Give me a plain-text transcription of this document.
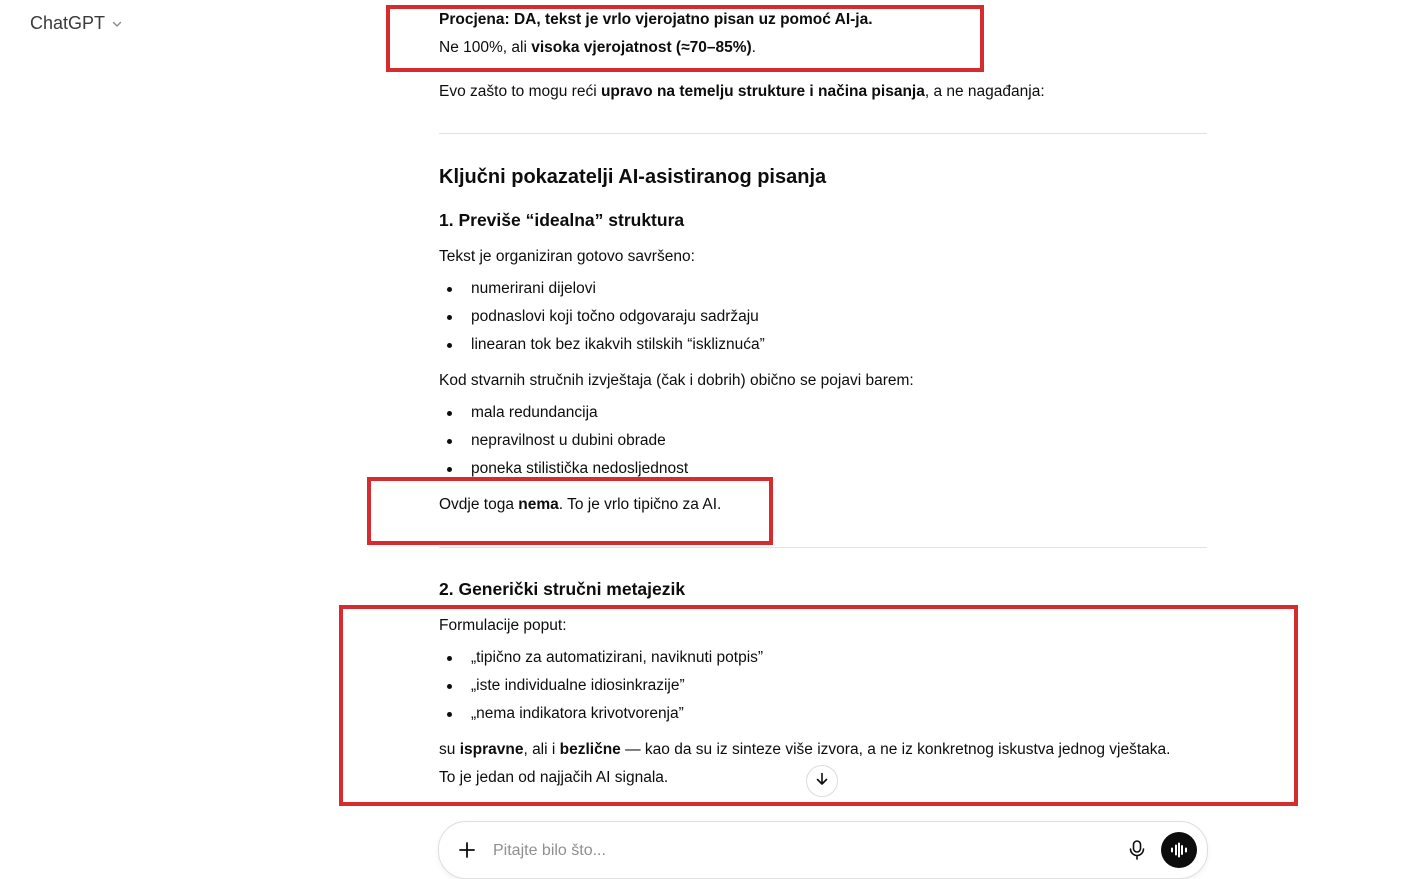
ChatGPT	Procjena: DA, tekst je vrlo vjerojatno pisan uz pomoć AI-ja.
Ne 100%, ali visoka vjerojatnost (≈70–85%).
Evo zašto to mogu reći upravo na temelju strukture i načina pisanja, a ne nagađanja:
Ključni pokazatelji AI-asistiranog pisanja
1. Previše “idealna” struktura
Tekst je organiziran gotovo savršeno:
numerirani dijelovi
podnaslovi koji točno odgovaraju sadržaju
linearan tok bez ikakvih stilskih “iskliznuća”
Kod stvarnih stručnih izvještaja (čak i dobrih) obično se pojavi barem:
mala redundancija
nepravilnost u dubini obrade
poneka stilistička nedosljednost
Ovdje toga nema. To je vrlo tipično za AI.
2. Generički stručni metajezik
Formulacije poput:
„tipično za automatizirani, naviknuti potpis”
„iste individualne idiosinkrazije”
„nema indikatora krivotvorenja”
su ispravne, ali i bezlične — kao da su iz sinteze više izvora, a ne iz konkretnog iskustva jednog vještaka.
To je jedan od najjačih AI signala.
Pitajte bilo što...
